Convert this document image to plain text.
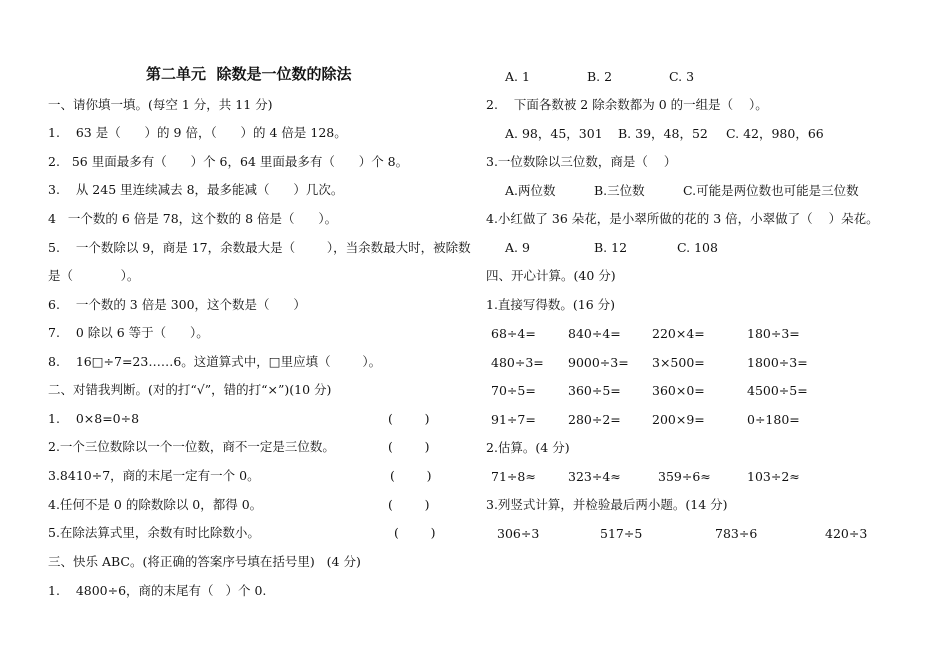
第二单元  除数是一位数的除法
一、请你填一填。(每空 1 分，共 11 分)
1.    63 是（      ）的 9 倍，（      ）的 4 倍是 128。
2.   56 里面最多有（      ）个 6，64 里面最多有（      ）个 8。
3.    从 245 里连续减去 8，最多能减（      ）几次。
4   一个数的 6 倍是 78，这个数的 8 倍是（      ）。
5.    一个数除以 9，商是 17，余数最大是（        ），当余数最大时，被除数
是（            ）。
6.    一个数的 3 倍是 300，这个数是（      ）
7.    0 除以 6 等于（      ）。
8.    16□÷7=23……6。这道算式中，□里应填（        ）。
二、对错我判断。(对的打“√”，错的打“×”)(10 分)
1.    0×8=0÷8	(        )
2.一个三位数除以一个一位数，商不一定是三位数。	(        )
3.8410÷7，商的末尾一定有一个 0。	(        )
4.任何不是 0 的除数除以 0，都得 0。	(        )
5.在除法算式里，余数有时比除数小。	(        )
三、快乐 ABC。(将正确的答案序号填在括号里)   (4 分)
1.    4800÷6，商的末尾有（   ）个 0.
A. 1	B. 2	C. 3
2.    下面各数被 2 除余数都为 0 的一组是（    ）。
A. 98，45，301 B. 39，48，52 C. 42，980，66
3.一位数除以三位数，商是（    ）
A.两位数	B.三位数	C.可能是两位数也可能是三位数
4.小红做了 36 朵花，是小翠所做的花的 3 倍，小翠做了（    ）朵花。
A. 9	B. 12	C. 108
四、开心计算。(40 分)
1.直接写得数。(16 分)
68÷4=	840÷4= 220×4=	180÷3=
480÷3= 9000÷3= 3×500=	1800÷3=
70÷5=	360÷5= 360×0=	4500÷5=
91÷7=	280÷2= 200×9=	0÷180=
2.估算。(4 分)
71÷8≈	323÷4≈	359÷6≈	103÷2≈
3.列竖式计算，并检验最后两小题。(14 分)
306÷3	517÷5	783÷6	420÷3
